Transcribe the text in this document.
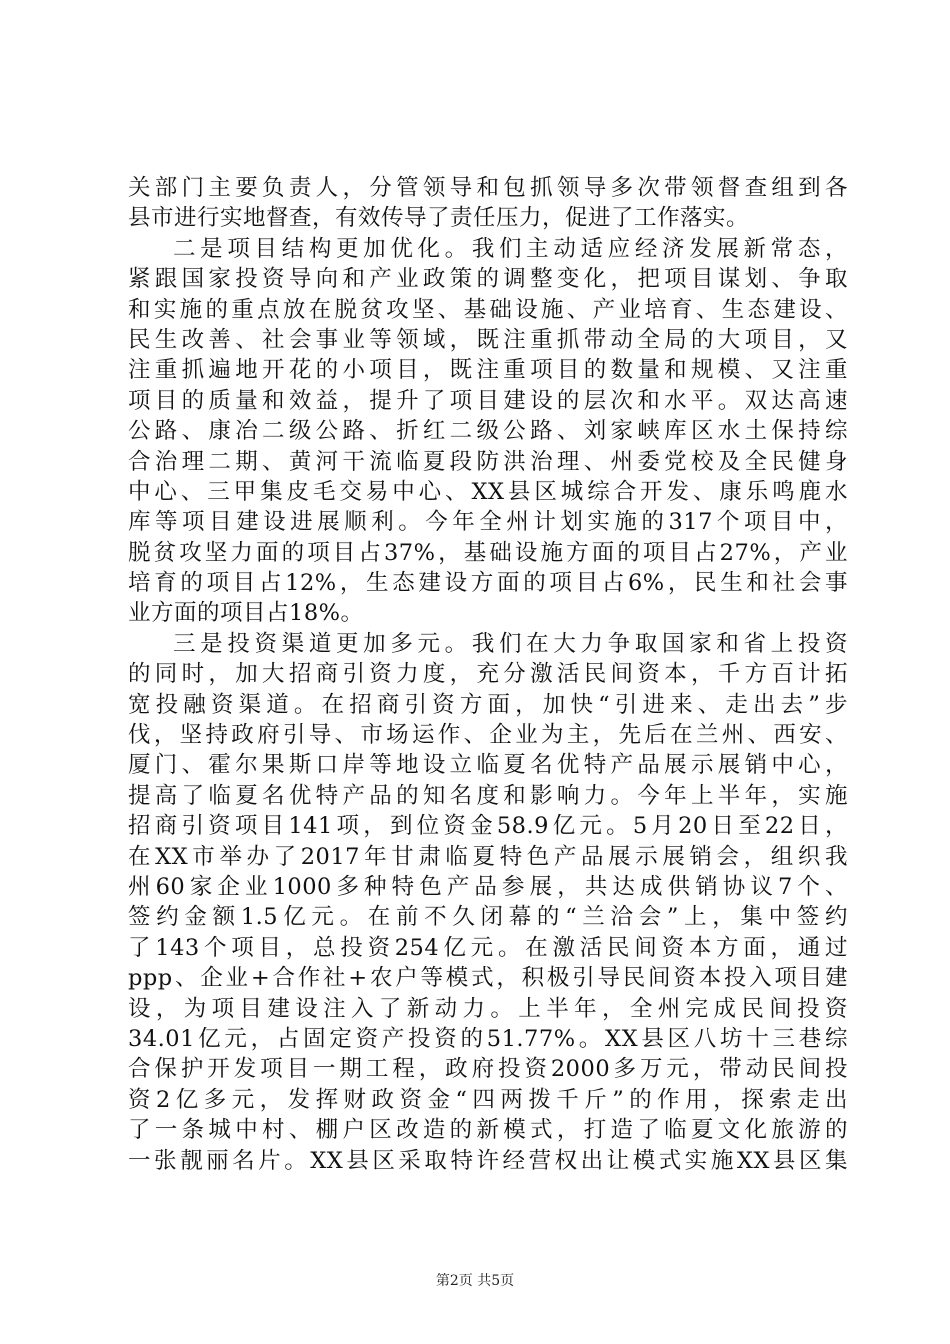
关部门主要负责人，分管领导和包抓领导多次带领督查组到各
县市进行实地督查，有效传导了责任压力，促进了工作落实。
二是项目结构更加优化。我们主动适应经济发展新常态，
紧跟国家投资导向和产业政策的调整变化，把项目谋划、争取
和实施的重点放在脱贫攻坚、基础设施、产业培育、生态建设、
民生改善、社会事业等领域，既注重抓带动全局的大项目，又
注重抓遍地开花的小项目，既注重项目的数量和规模、又注重
项目的质量和效益，提升了项目建设的层次和水平。双达高速
公路、康冶二级公路、折红二级公路、刘家峡库区水土保持综
合治理二期、黄河干流临夏段防洪治理、州委党校及全民健身
中心、三甲集皮毛交易中心、XX县区城综合开发、康乐鸣鹿水
库等项目建设进展顺利。今年全州计划实施的317个项目中，
脱贫攻坚力面的项目占37%，基础设施方面的项目占27%，产业
培育的项目占12%，生态建设方面的项目占6%，民生和社会事
业方面的项目占18%。
三是投资渠道更加多元。我们在大力争取国家和省上投资
的同时，加大招商引资力度，充分激活民间资本，千方百计拓
宽投融资渠道。在招商引资方面，加快“引进来、走出去”步
伐，坚持政府引导、市场运作、企业为主，先后在兰州、西安、
厦门、霍尔果斯口岸等地设立临夏名优特产品展示展销中心，
提高了临夏名优特产品的知名度和影响力。今年上半年，实施
招商引资项目141项，到位资金58.9亿元。5月20日至22日，
在XX市举办了2017年甘肃临夏特色产品展示展销会，组织我
州60家企业1000多种特色产品参展，共达成供销协议7个、
签约金额1.5亿元。在前不久闭幕的“兰洽会”上，集中签约
了143个项目，总投资254亿元。在激活民间资本方面，通过
ppp、企业+合作社+农户等模式，积极引导民间资本投入项目建
设，为项目建设注入了新动力。上半年，全州完成民间投资
34.01亿元，占固定资产投资的51.77%。XX县区八坊十三巷综
合保护开发项目一期工程，政府投资2000多万元，带动民间投
资2亿多元，发挥财政资金“四两拨千斤”的作用，探索走出
了一条城中村、棚户区改造的新模式，打造了临夏文化旅游的
一张靓丽名片。XX县区采取特许经营权出让模式实施XX县区集
第2页 共5页
